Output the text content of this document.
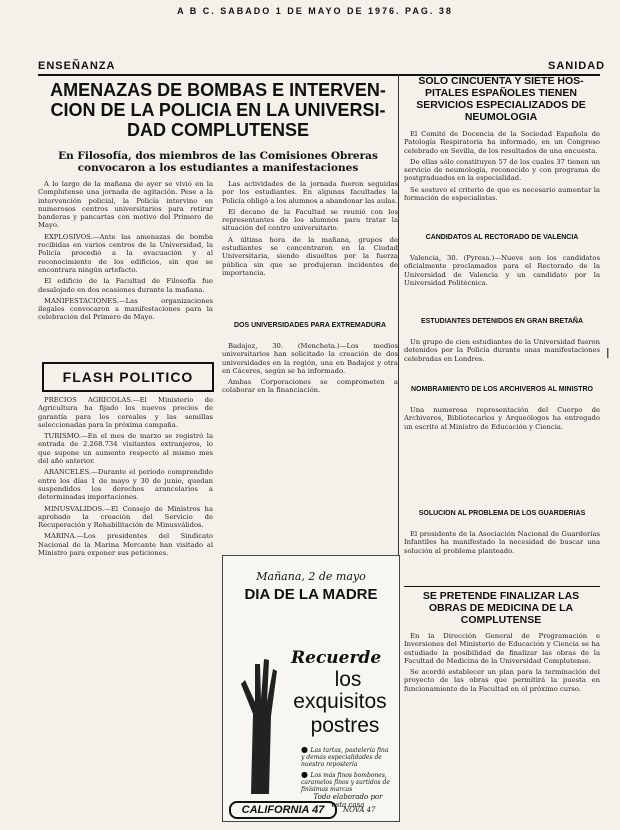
A B C. SABADO 1 DE MAYO DE 1976. PAG. 38
ENSEÑANZA	SANIDAD
AMENAZAS DE BOMBAS E INTERVEN-
CION DE LA POLICIA EN LA UNIVERSI-
DAD COMPLUTENSE
En Filosofía, dos miembros de las Comisiones Obreras convocaron a los estudiantes a manifestaciones

A lo largo de la mañana de ayer se vivió en la Complutense una jornada de agitación. Pese a la intervención policial, la Policía intervino en numerosos centros universitarios para retirar banderas y pancartas con motivo del Primero de Mayo.

EXPLOSIVOS.—Ante las amenazas de bomba recibidas en varios centros de la Universidad, la Policía procedió a la evacuación y al reconocimiento de los edificios, sin que se encontrara ningún artefacto.

El edificio de la Facultad de Filosofía fue desalojado en dos ocasiones durante la mañana.

MANIFESTACIONES.—Las organizaciones ilegales convocaron a manifestaciones para la celebración del Primero de Mayo.

FLASH POLITICO

PRECIOS AGRICOLAS.—El Ministerio de Agricultura ha fijado los nuevos precios de garantía para los cereales y las semillas seleccionadas para la próxima campaña.

TURISMO.—En el mes de marzo se registró la entrada de 2.268.734 visitantes extranjeros, lo que supone un aumento respecto al mismo mes del año anterior.

ARANCELES.—Durante el período comprendido entre los días 1 de mayo y 30 de junio, quedan suspendidos los derechos arancelarios a determinadas importaciones.

MINUSVALIDOS.—El Consejo de Ministros ha aprobado la creación del Servicio de Recuperación y Rehabilitación de Minusválidos.

MARINA.—Los presidentes del Sindicato Nacional de la Marina Mercante han visitado al Ministro para exponer sus peticiones.

Las actividades de la jornada fueron seguidas por los estudiantes. En algunas facultades la Policía obligó a los alumnos a abandonar las aulas.

El decano de la Facultad se reunió con los representantes de los alumnos para tratar la situación del centro universitario.

A última hora de la mañana, grupos de estudiantes se concentraron en la Ciudad Universitaria, siendo disueltos por la fuerza pública sin que se produjeran incidentes de importancia.

DOS UNIVERSIDADES PARA EXTREMADURA

Badajoz, 30. (Mencheta.)—Los medios universitarios han solicitado la creación de dos universidades en la región, una en Badajoz y otra en Cáceres, según se ha informado.

Ambas Corporaciones se comprometen a colaborar en la financiación.

Mañana, 2 de mayo
DIA DE LA MADRE
Recuerde
los
exquisitos
postres
● Las tartas, pastelería fina y demás especialidades de nuestra repostería
● Los más finos bombones, caramelos finos y surtidos de finísimas marcas
Todo elaborado por esta casa
CALIFORNIA 47	NOVA 47
SOLO CINCUENTA Y SIETE HOS-
PITALES ESPAÑOLES TIENEN
SERVICIOS ESPECIALIZADOS DE
NEUMOLOGIA

El Comité de Docencia de la Sociedad Española de Patología Respiratoria ha informado, en un Congreso celebrado en Sevilla, de los resultados de una encuesta.

De ellas sólo constituyen 57 de los cuales 37 tienen un servicio de neumología, reconocido y con programa de postgraduados en la especialidad.

Se sostuvo el criterio de que es necesario aumentar la formación de especialistas.

CANDIDATOS AL RECTORADO DE VALENCIA

Valencia, 30. (Pyresa.)—Nueve son los candidatos oficialmente proclamados para el Rectorado de la Universidad de Valencia y un candidato por la Universidad Politécnica.

ESTUDIANTES DETENIDOS EN GRAN BRETAÑA

Un grupo de cien estudiantes de la Universidad fueron detenidos por la Policía durante unas manifestaciones celebradas en Londres.

NOMBRAMIENTO DE LOS ARCHIVEROS AL MINISTRO

Una numerosa representación del Cuerpo de Archiveros, Bibliotecarios y Arqueólogos ha entregado un escrito al Ministro de Educación y Ciencia.

SOLUCION AL PROBLEMA DE LOS GUARDERIAS

El presidente de la Asociación Nacional de Guarderías Infantiles ha manifestado la necesidad de buscar una solución al problema planteado.

SE PRETENDE FINALIZAR LAS
OBRAS DE MEDICINA DE LA
COMPLUTENSE

En la Dirección General de Programación e Inversiones del Ministerio de Educación y Ciencia se ha estudiado la posibilidad de finalizar las obras de la Facultad de Medicina de la Universidad Complutense.

Se acordó establecer un plan para la terminación del proyecto de las obras que permitirá la puesta en funcionamiento de la Facultad en el próximo curso.

|
